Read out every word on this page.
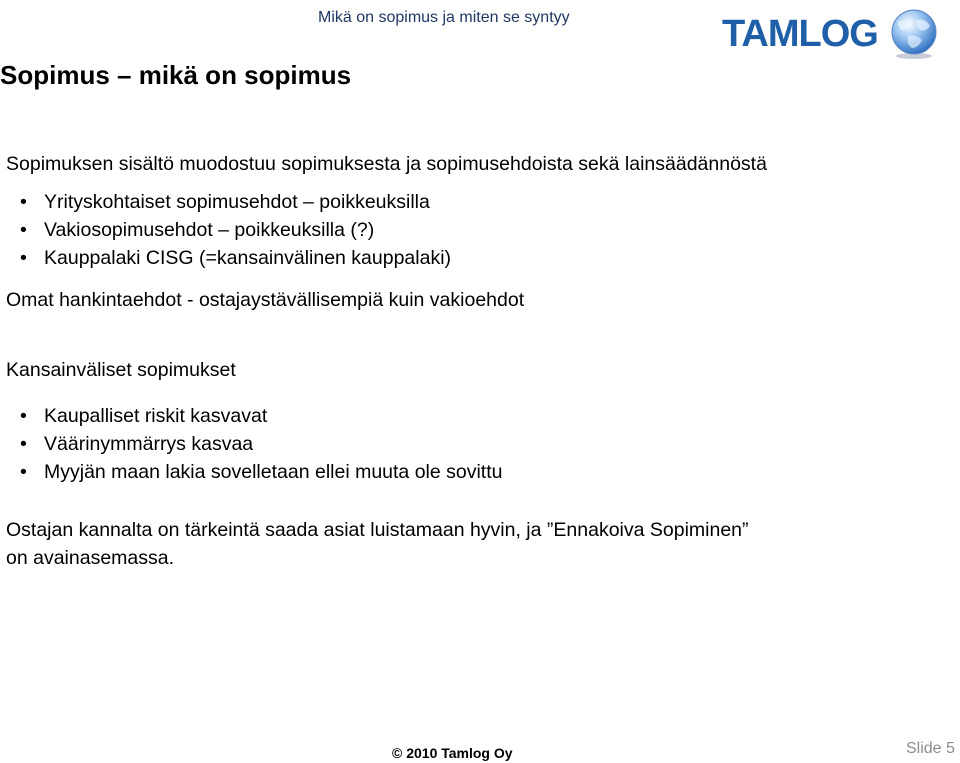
Mikä on sopimus ja miten se syntyy	TAMLOG
Sopimus – mikä on sopimus
Sopimuksen sisältö muodostuu sopimuksesta ja sopimusehdoista sekä lainsäädännöstä
• Yrityskohtaiset sopimusehdot – poikkeuksilla
• Vakiosopimusehdot – poikkeuksilla (?)
• Kauppalaki CISG (=kansainvälinen kauppalaki)
Omat hankintaehdot - ostajaystävällisempiä kuin vakioehdot
Kansainväliset sopimukset
• Kaupalliset riskit kasvavat
• Väärinymmärrys kasvaa
• Myyjän maan lakia sovelletaan ellei muuta ole sovittu
Ostajan kannalta on tärkeintä saada asiat luistamaan hyvin, ja ”Ennakoiva Sopiminen”
on avainasemassa.
© 2010 Tamlog Oy	Slide 5
